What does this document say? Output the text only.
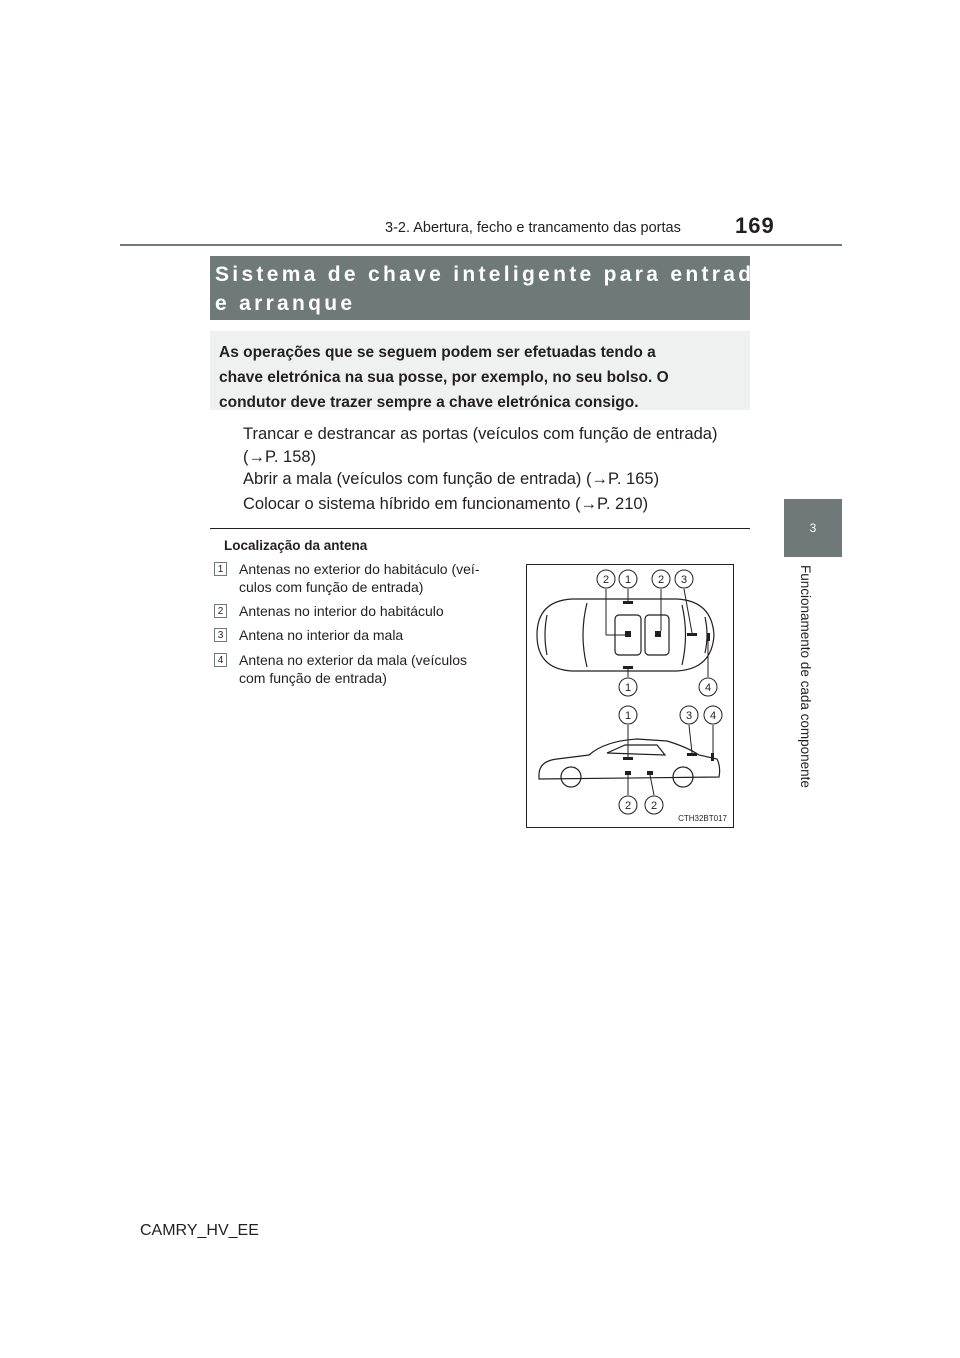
3-2. Abertura, fecho e trancamento das portas 169
3
Funcionamento de cada componente
Sistema de chave inteligente para entrada
e arranque
As operações que se seguem podem ser efetuadas tendo a
chave eletrónica na sua posse, por exemplo, no seu bolso. O
condutor deve trazer sempre a chave eletrónica consigo.
Trancar e destrancar as portas (veículos com função de entrada)
(→P. 158)
Abrir a mala (veículos com função de entrada) (→P. 165)
Colocar o sistema híbrido em funcionamento (→P. 210)
Localização da antena
1 Antenas no exterior do habitáculo (veí-
culos com função de entrada)
2 Antenas no interior do habitáculo
3 Antena no interior da mala
4 Antena no exterior da mala (veículos
com função de entrada)
2 1 2 3
1	4
1	3 4
2 2
CTH32BT017
CAMRY_HV_EE
